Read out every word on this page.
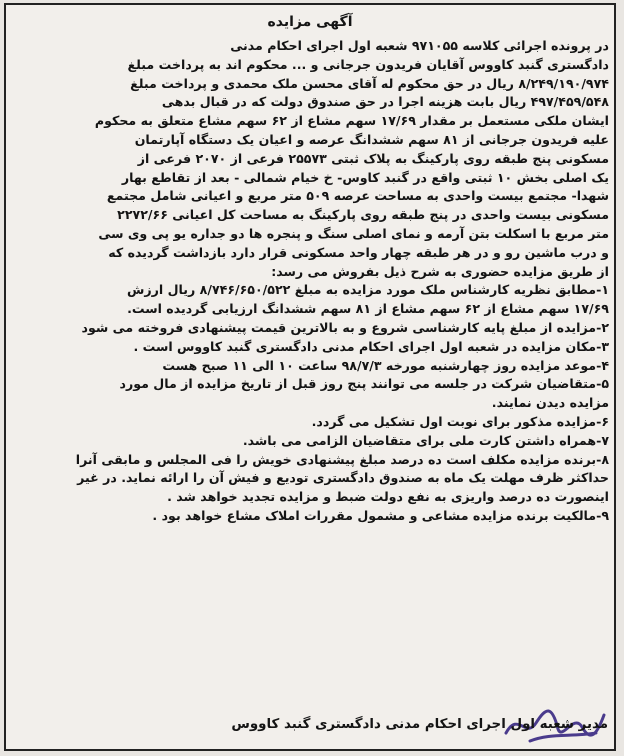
آگهی مزایده
در پرونده اجرائی کلاسه ۹۷۱۰۵۵ شعبه اول اجرای احکام مدنی
دادگستری گنبد کاووس آقایان فریدون جرجانی و ... محکوم اند به پرداخت مبلغ
۸/۲۴۹/۱۹۰/۹۷۴ ریال در حق محکوم له آقای محسن ملک محمدی و پرداخت مبلغ
۴۹۷/۴۵۹/۵۴۸ ریال بابت هزینه اجرا در حق صندوق دولت که در قبال بدهی
ایشان ملکی مستعمل بر مقدار ۱۷/۶۹ سهم مشاع از ۶۲ سهم مشاع متعلق به محکوم
علیه فریدون جرجانی از ۸۱ سهم ششدانگ عرصه و اعیان یک دستگاه آپارتمان
مسکونی پنج طبقه روی پارکینگ به پلاک ثبتی ۲۵۵۷۳ فرعی از ۲۰۷۰ فرعی از
یک اصلی بخش ۱۰ ثبتی واقع در گنبد کاوس- خ خیام شمالی - بعد از تقاطع بهار
شهدا- مجتمع بیست واحدی به مساحت عرصه ۵۰۹ متر مربع و اعیانی شامل مجتمع
مسکونی بیست واحدی در پنج طبقه روی پارکینگ به مساحت کل اعیانی ۲۲۷۲/۶۶
متر مربع با اسکلت بتن آرمه و نمای اصلی سنگ و پنجره ها دو جداره یو پی وی سی
و درب ماشین رو و در هر طبقه چهار واحد مسکونی قرار دارد بازداشت گردیده که
از طریق مزایده حضوری به شرح ذیل بفروش می رسد:
۱-مطابق نظریه کارشناس ملک مورد مزایده به مبلغ ۸/۷۴۶/۶۵۰/۵۲۲ ریال ارزش
۱۷/۶۹ سهم مشاع از ۶۲ سهم مشاع از ۸۱ سهم ششدانگ ارزیابی گردیده است.
۲-مزایده از مبلغ پایه کارشناسی شروع و به بالاترین قیمت پیشنهادی فروخته می شود
۳-مکان مزایده در شعبه اول اجرای احکام مدنی دادگستری گنبد کاووس است .
۴-موعد مزایده روز چهارشنبه مورخه ۹۸/۷/۳ ساعت ۱۰ الی ۱۱ صبح هست
۵-متقاضیان شرکت در جلسه می توانند پنج روز قبل از تاریخ مزایده از مال مورد
مزایده دیدن نمایند.
۶-مزایده مذکور برای نوبت اول تشکیل می گردد.
۷-همراه داشتن کارت ملی برای متقاضیان الزامی می باشد.
۸-برنده مزایده مکلف است ده درصد مبلغ پیشنهادی خویش را فی المجلس و مابقی آنرا
حداکثر ظرف مهلت یک ماه به صندوق دادگستری تودیع و فیش آن را ارائه نماید. در غیر
اینصورت ده درصد واریزی به نفع دولت ضبط و مزایده تجدید خواهد شد .
۹-مالکیت برنده مزایده مشاعی و مشمول مقررات املاک مشاع خواهد بود .
مدیر شعبه اول اجرای احکام مدنی دادگستری گنبد کاووس
